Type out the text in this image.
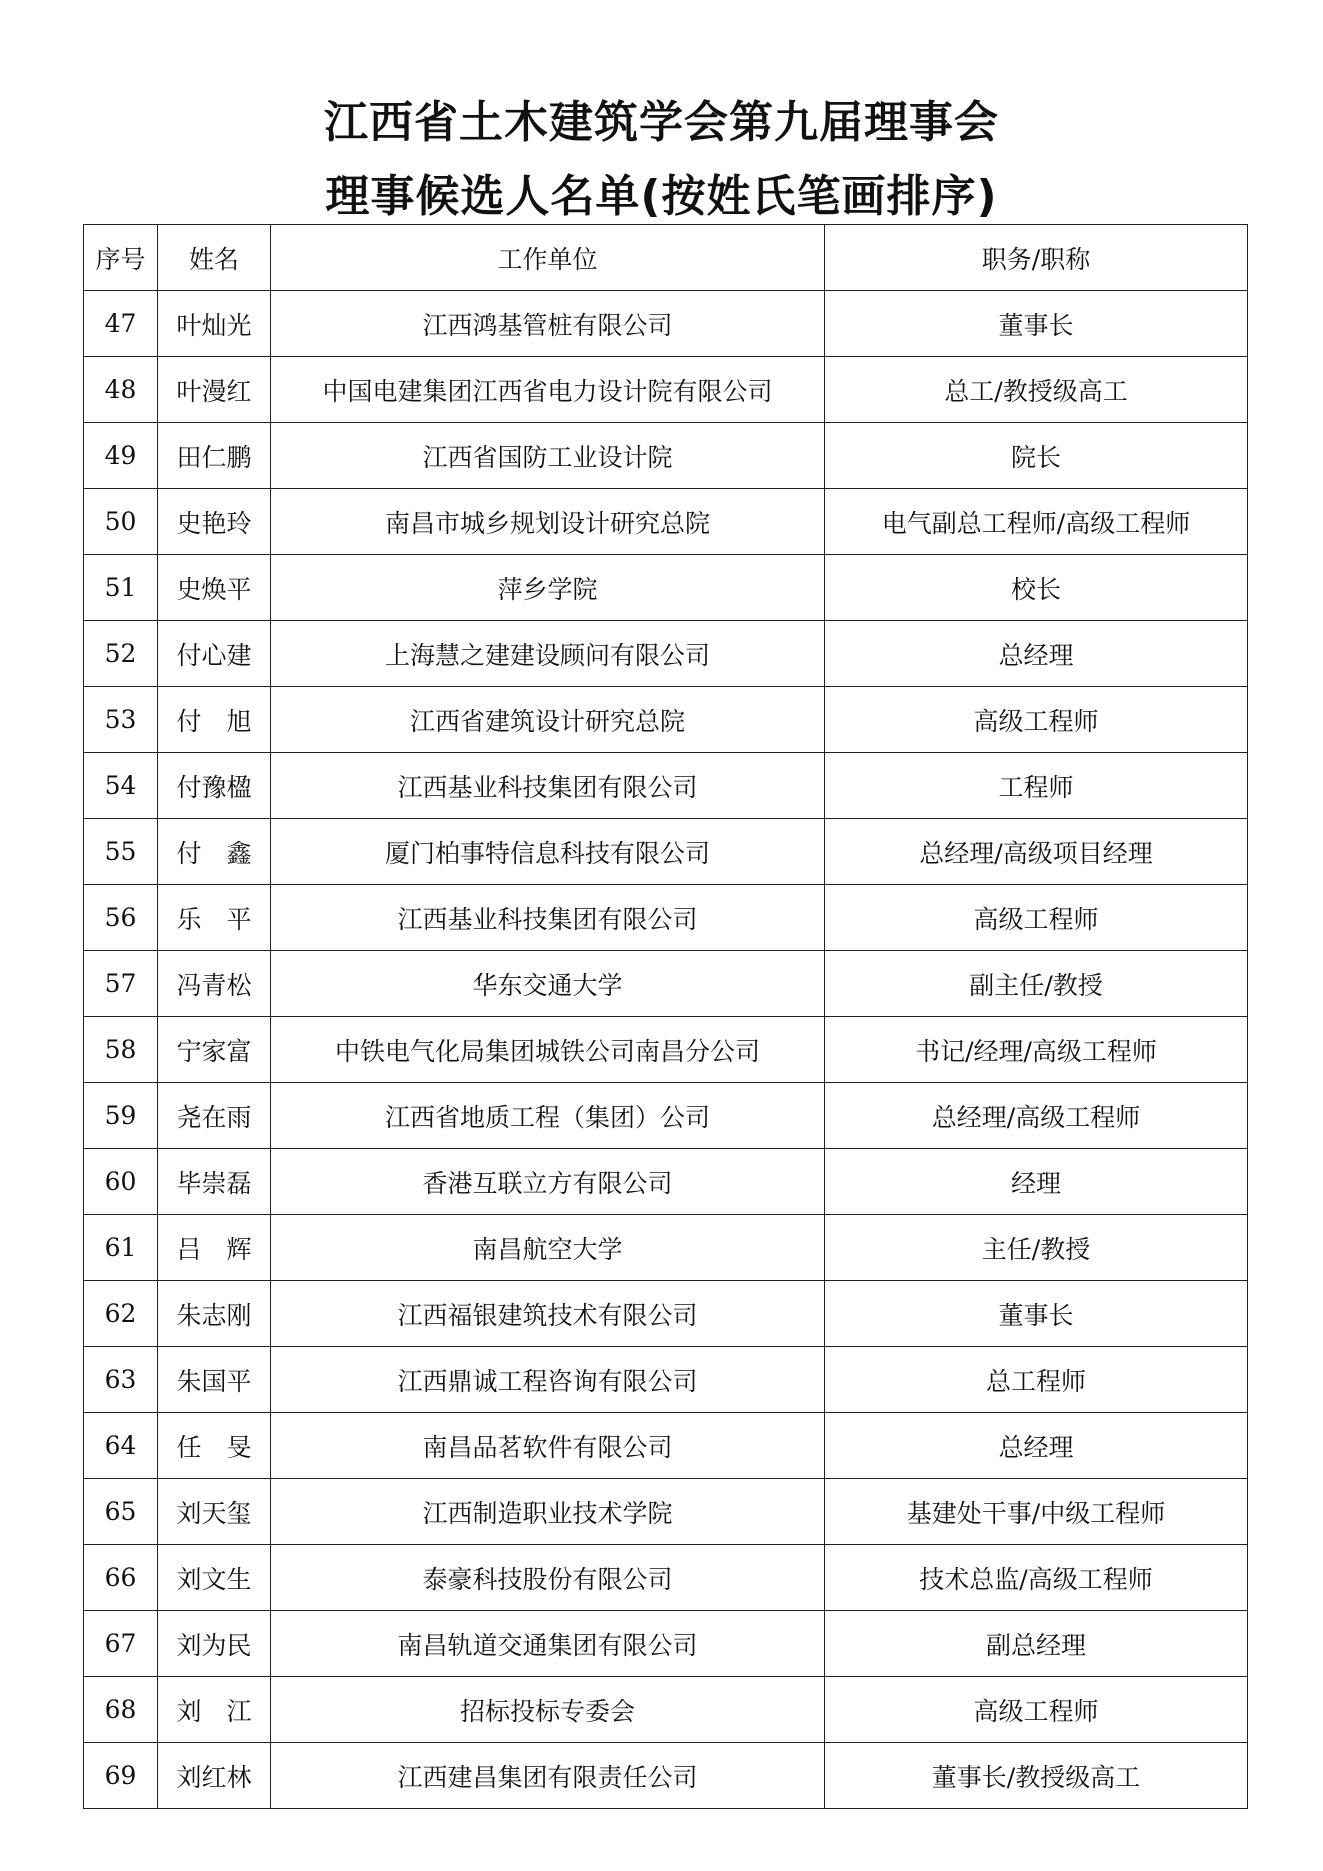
江西省土木建筑学会第九届理事会
理事候选人名单(按姓氏笔画排序)
序号	姓名	工作单位	职务/职称
47	叶灿光	江西鸿基管桩有限公司	董事长
48	叶漫红	中国电建集团江西省电力设计院有限公司	总工/教授级高工
49	田仁鹏	江西省国防工业设计院	院长
50	史艳玲	南昌市城乡规划设计研究总院	电气副总工程师/高级工程师
51	史焕平	萍乡学院	校长
52	付心建	上海慧之建建设顾问有限公司	总经理
53	付　旭	江西省建筑设计研究总院	高级工程师
54	付豫楹	江西基业科技集团有限公司	工程师
55	付　鑫	厦门柏事特信息科技有限公司	总经理/高级项目经理
56	乐　平	江西基业科技集团有限公司	高级工程师
57	冯青松	华东交通大学	副主任/教授
58	宁家富	中铁电气化局集团城铁公司南昌分公司	书记/经理/高级工程师
59	尧在雨	江西省地质工程（集团）公司	总经理/高级工程师
60	毕崇磊	香港互联立方有限公司	经理
61	吕　辉	南昌航空大学	主任/教授
62	朱志刚	江西福银建筑技术有限公司	董事长
63	朱国平	江西鼎诚工程咨询有限公司	总工程师
64	任　旻	南昌品茗软件有限公司	总经理
65	刘天玺	江西制造职业技术学院	基建处干事/中级工程师
66	刘文生	泰豪科技股份有限公司	技术总监/高级工程师
67	刘为民	南昌轨道交通集团有限公司	副总经理
68	刘　江	招标投标专委会	高级工程师
69	刘红林	江西建昌集团有限责任公司	董事长/教授级高工
